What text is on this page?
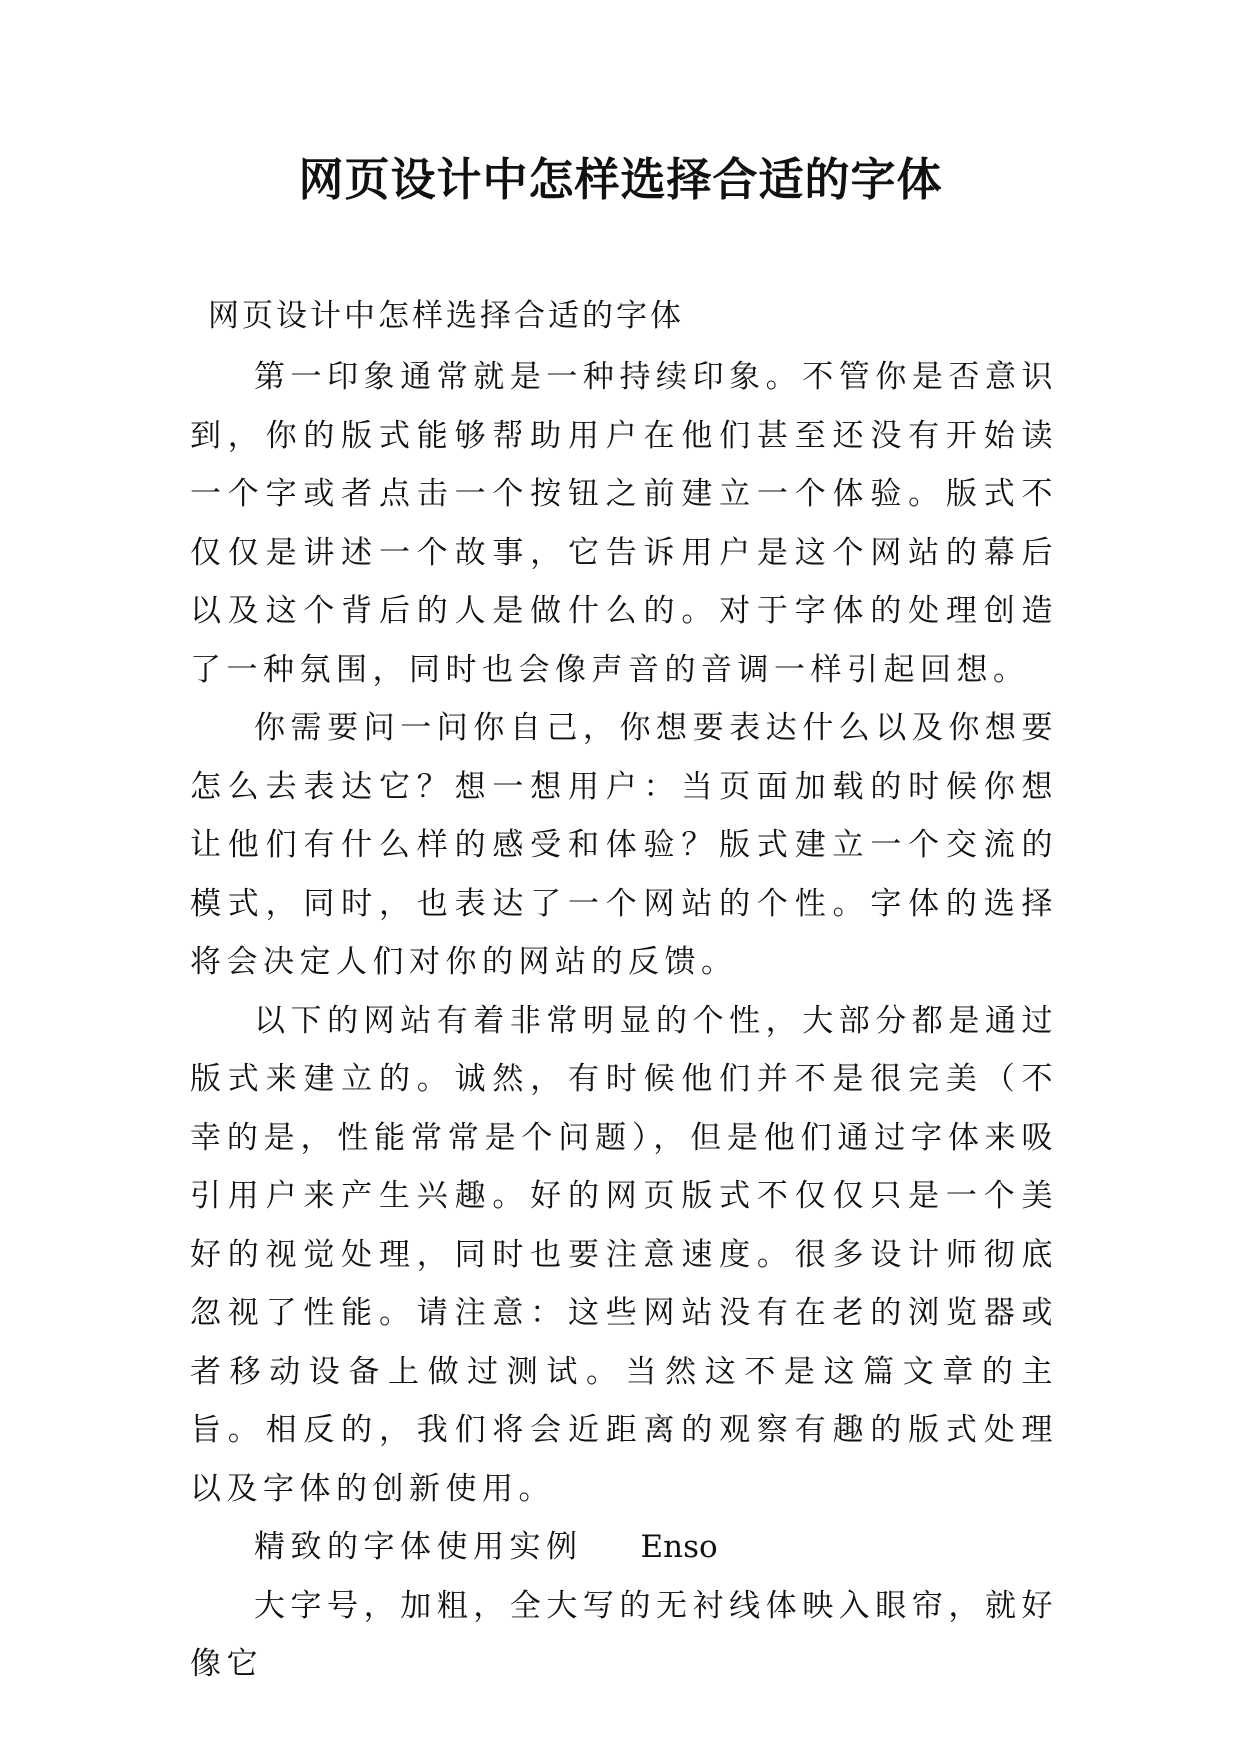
网页设计中怎样选择合适的字体

网页设计中怎样选择合适的字体

第一印象通常就是一种持续印象。不管你是否意识到，你的版式能够帮助用户在他们甚至还没有开始读一个字或者点击一个按钮之前建立一个体验。版式不仅仅是讲述一个故事，它告诉用户是这个网站的幕后以及这个背后的人是做什么的。对于字体的处理创造了一种氛围，同时也会像声音的音调一样引起回想。

你需要问一问你自己，你想要表达什么以及你想要怎么去表达它？想一想用户：当页面加载的时候你想让他们有什么样的感受和体验？版式建立一个交流的模式，同时，也表达了一个网站的个性。字体的选择将会决定人们对你的网站的反馈。

以下的网站有着非常明显的个性，大部分都是通过版式来建立的。诚然，有时候他们并不是很完美（不幸的是，性能常常是个问题），但是他们通过字体来吸引用户来产生兴趣。好的网页版式不仅仅只是一个美好的视觉处理，同时也要注意速度。很多设计师彻底忽视了性能。请注意：这些网站没有在老的浏览器或者移动设备上做过测试。当然这不是这篇文章的主旨。相反的，我们将会近距离的观察有趣的版式处理以及字体的创新使用。

精致的字体使用实例 Enso

大字号，加粗，全大写的无衬线体映入眼帘，就好像它
